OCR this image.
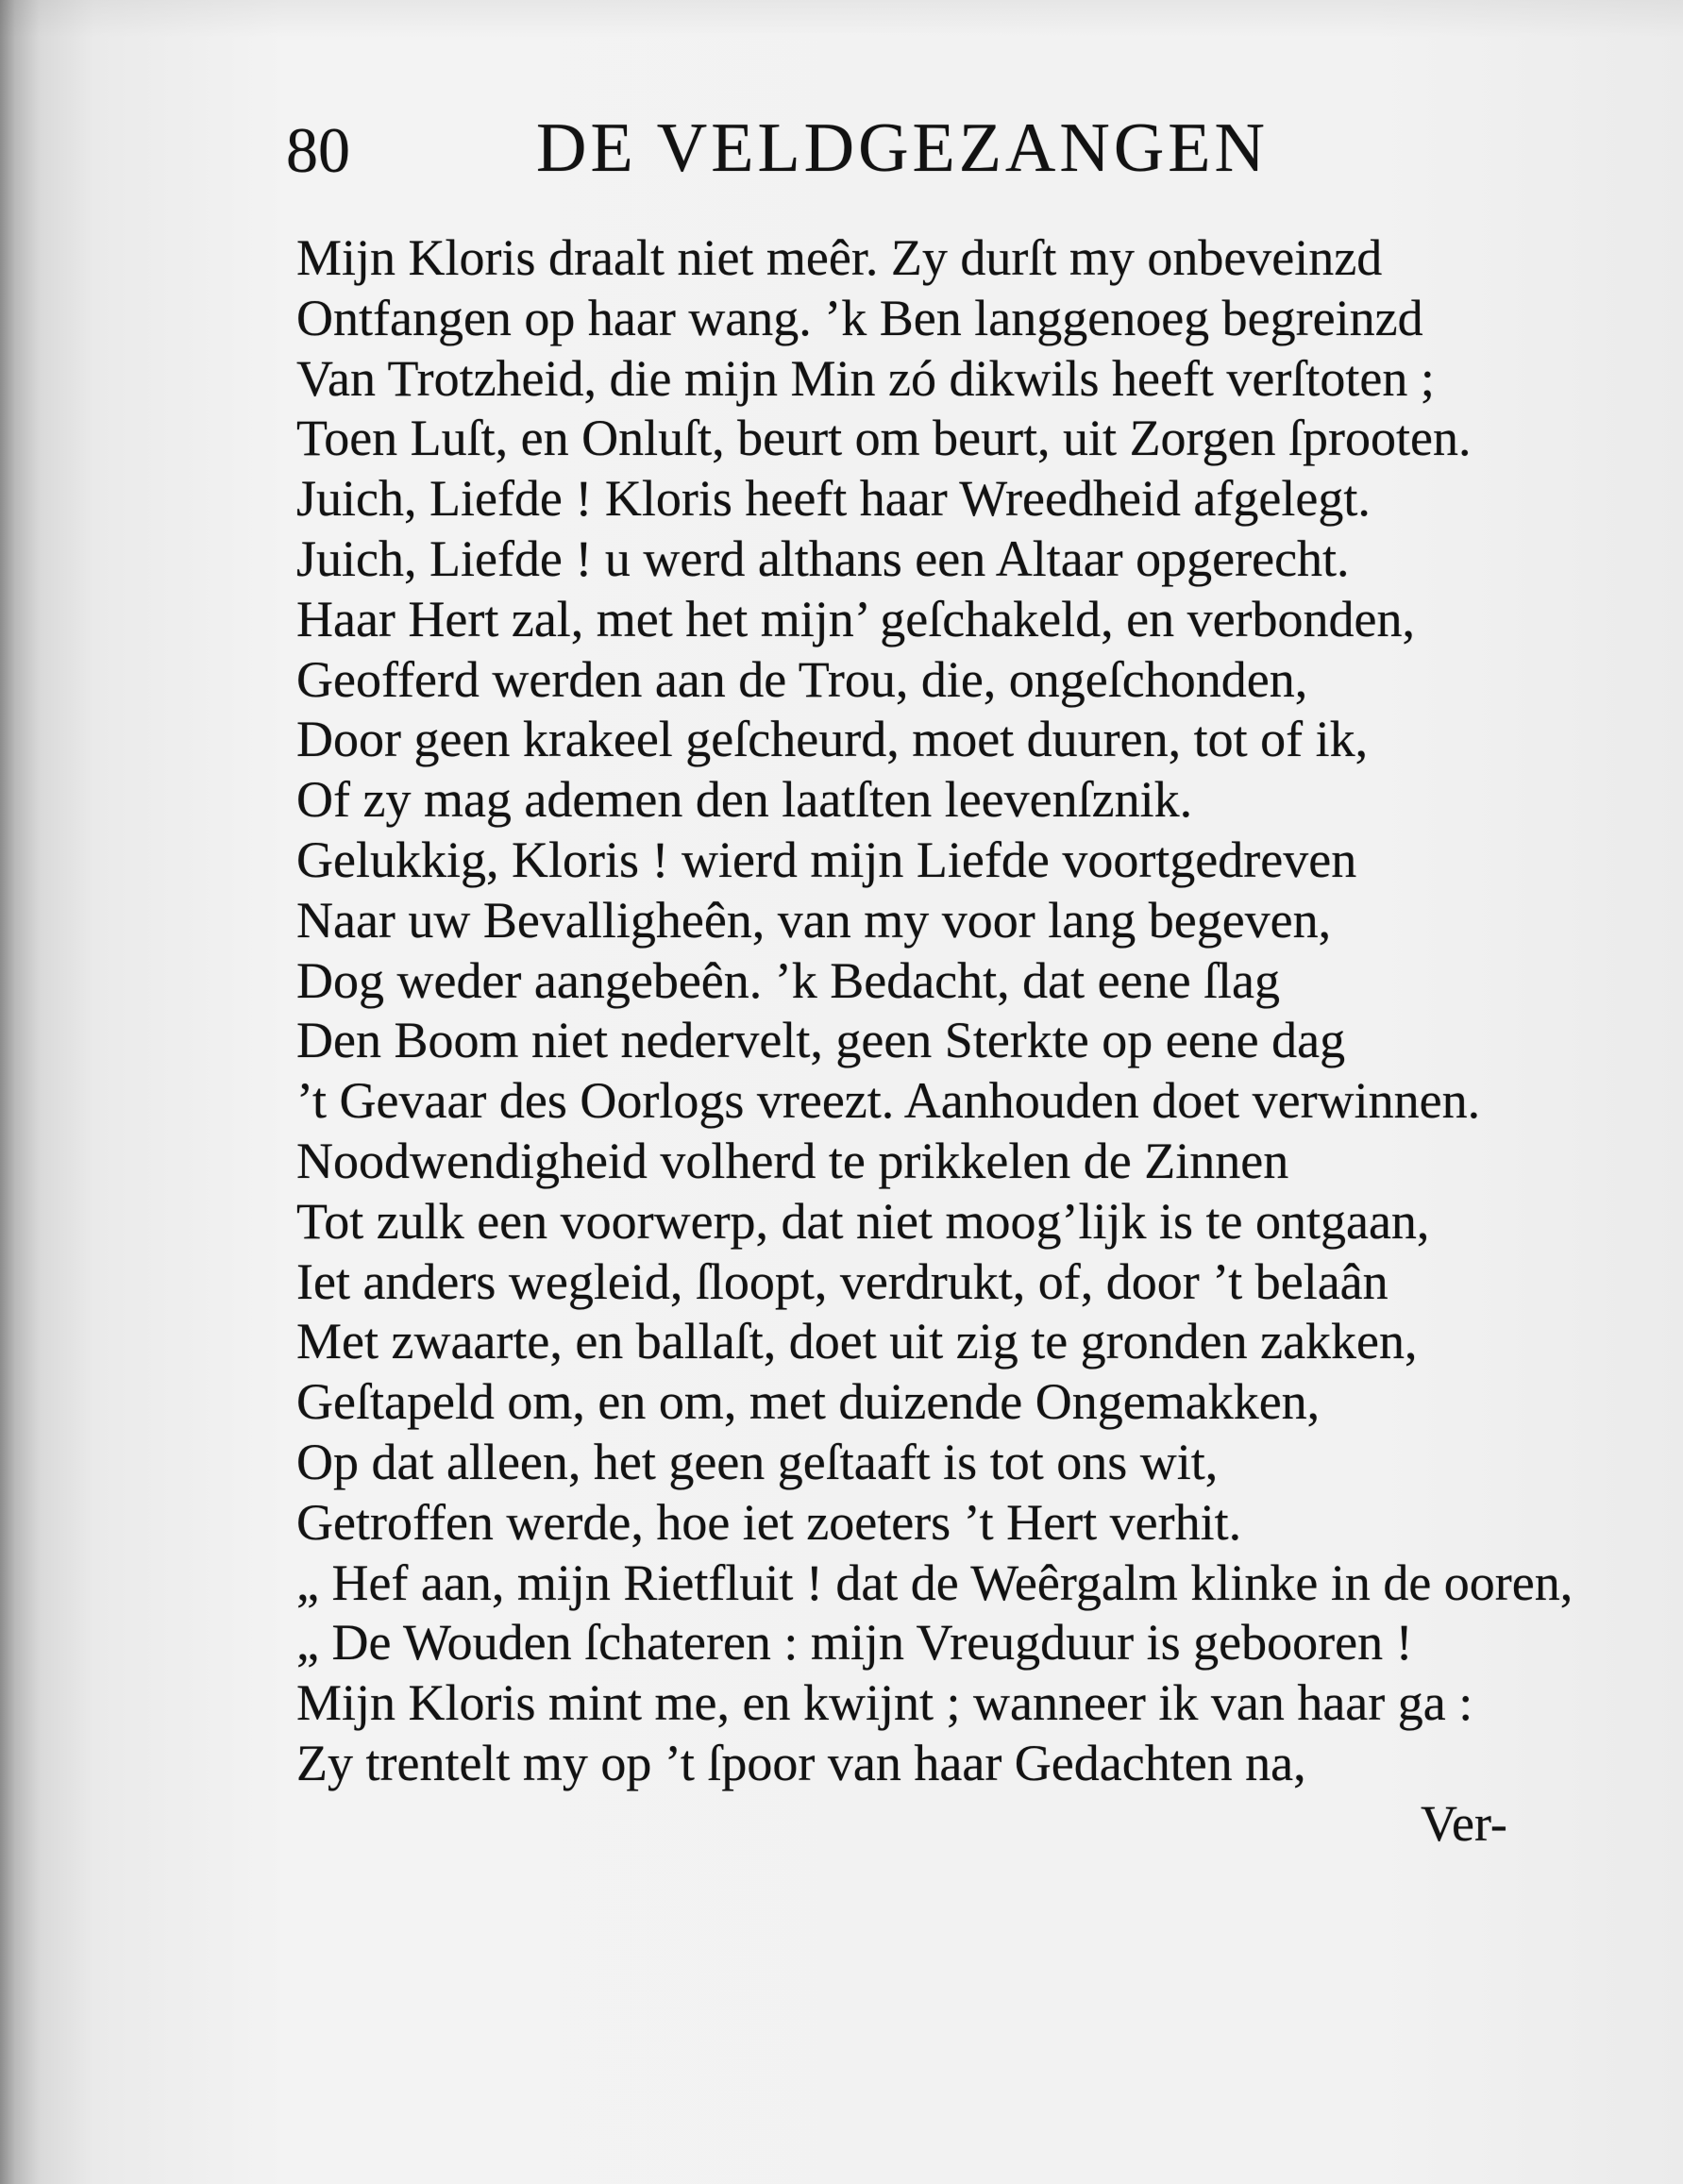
80	DE VELDGEZANGEN
Mijn Kloris draalt niet meêr. Zy durſt my onbeveinzd
Ontfangen op haar wang. ’k Ben langgenoeg begreinzd
Van Trotzheid, die mijn Min zó dikwils heeft verſtoten ;
Toen Luſt, en Onluſt, beurt om beurt, uit Zorgen ſprooten.
Juich, Liefde ! Kloris heeft haar Wreedheid afgelegt.
Juich, Liefde ! u werd althans een Altaar opgerecht.
Haar Hert zal, met het mijn’ geſchakeld, en verbonden,
Geofferd werden aan de Trou, die, ongeſchonden,
Door geen krakeel geſcheurd, moet duuren, tot of ik,
Of zy mag ademen den laatſten leevenſznik.
Gelukkig, Kloris ! wierd mijn Liefde voortgedreven
Naar uw Bevalligheên, van my voor lang begeven,
Dog weder aangebeên. ’k Bedacht, dat eene ſlag
Den Boom niet nedervelt, geen Sterkte op eene dag
’t Gevaar des Oorlogs vreezt. Aanhouden doet verwinnen.
Noodwendigheid volherd te prikkelen de Zinnen
Tot zulk een voorwerp, dat niet moog’lijk is te ontgaan,
Iet anders wegleid, ſloopt, verdrukt, of, door ’t belaân
Met zwaarte, en ballaſt, doet uit zig te gronden zakken,
Geſtapeld om, en om, met duizende Ongemakken,
Op dat alleen, het geen geſtaaft is tot ons wit,
Getroffen werde, hoe iet zoeters ’t Hert verhit.
„ Hef aan, mijn Rietfluit ! dat de Weêrgalm klinke in de ooren,
„ De Wouden ſchateren : mijn Vreugduur is gebooren !
Mijn Kloris mint me, en kwijnt ; wanneer ik van haar ga :
Zy trentelt my op ’t ſpoor van haar Gedachten na,
Ver-
